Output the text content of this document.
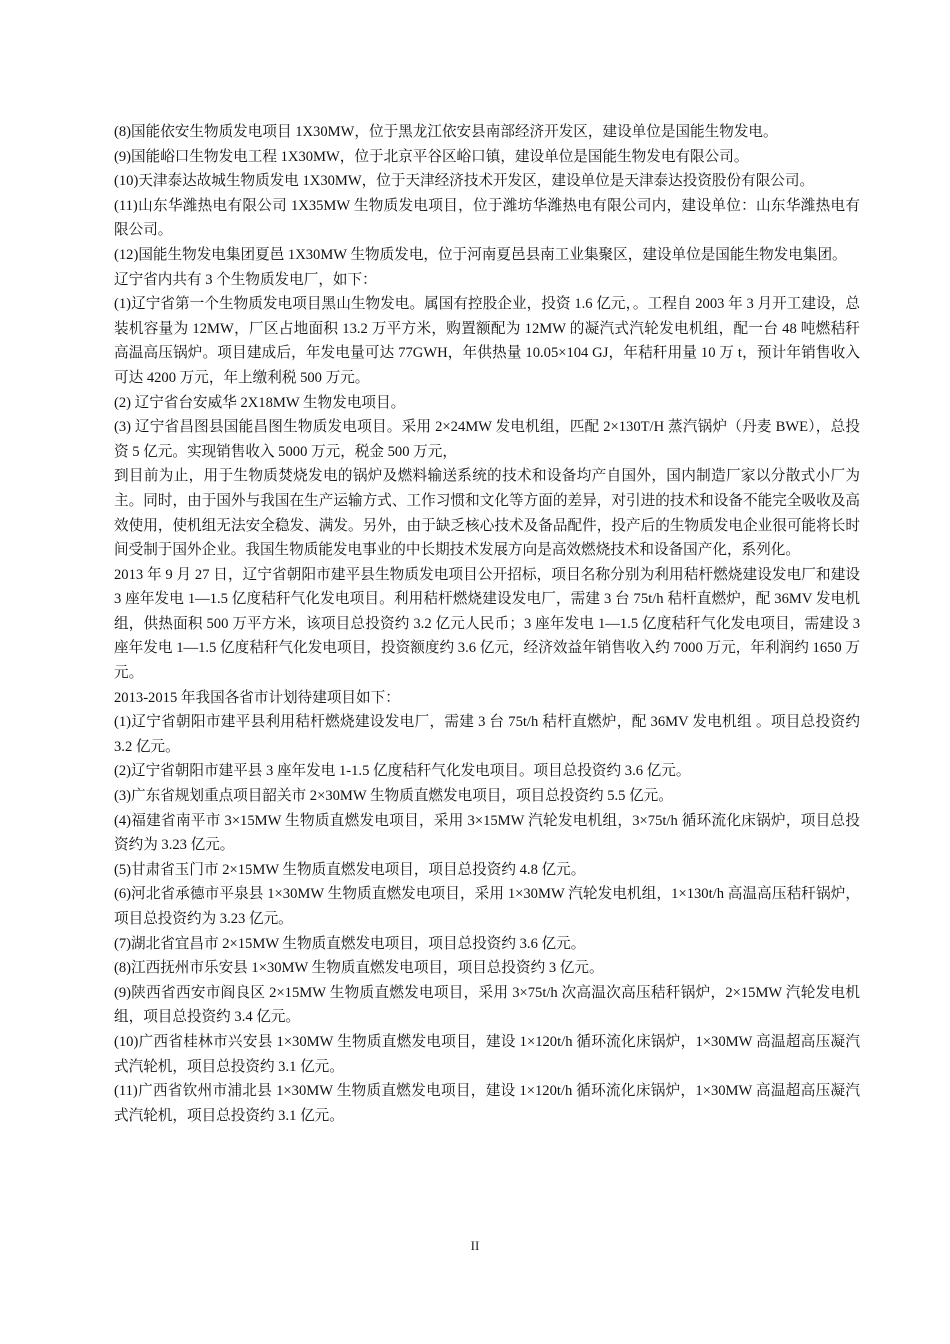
(8)国能依安生物质发电项目 1X30MW，位于黑龙江依安县南部经济开发区，建设单位是国能生物发电。

(9)国能峪口生物发电工程 1X30MW，位于北京平谷区峪口镇，建设单位是国能生物发电有限公司。

(10)天津泰达故城生物质发电 1X30MW，位于天津经济技术开发区，建设单位是天津泰达投资股份有限公司。

(11)山东华潍热电有限公司 1X35MW 生物质发电项目，位于潍坊华潍热电有限公司内，建设单位：山东华潍热电有限公司。

(12)国能生物发电集团夏邑 1X30MW 生物质发电，位于河南夏邑县南工业集聚区，建设单位是国能生物发电集团。

辽宁省内共有 3 个生物质发电厂，如下：

(1)辽宁省第一个生物质发电项目黑山生物发电。属国有控股企业，投资 1.6 亿元，。工程自 2003 年 3 月开工建设，总装机容量为 12MW，厂区占地面积 13.2 万平方米，购置额配为 12MW 的凝汽式汽轮发电机组，配一台 48 吨燃秸秆高温高压锅炉。项目建成后，年发电量可达 77GWH，年供热量 10.05×104 GJ，年秸秆用量 10 万 t，预计年销售收入可达 4200 万元，年上缴利税 500 万元。

(2) 辽宁省台安威华 2X18MW 生物发电项目。

(3) 辽宁省昌图县国能昌图生物质发电项目。采用 2×24MW 发电机组，匹配 2×130T/H 蒸汽锅炉（丹麦 BWE），总投资 5 亿元。实现销售收入 5000 万元，税金 500 万元，

到目前为止，用于生物质焚烧发电的锅炉及燃料输送系统的技术和设备均产自国外，国内制造厂家以分散式小厂为主。同时，由于国外与我国在生产运输方式、工作习惯和文化等方面的差异，对引进的技术和设备不能完全吸收及高效使用，使机组无法安全稳发、满发。另外，由于缺乏核心技术及备品配件，投产后的生物质发电企业很可能将长时间受制于国外企业。我国生物质能发电事业的中长期技术发展方向是高效燃烧技术和设备国产化，系列化。

2013 年 9 月 27 日，辽宁省朝阳市建平县生物质发电项目公开招标，项目名称分别为利用秸杆燃烧建设发电厂和建设 3 座年发电 1—1.5 亿度秸秆气化发电项目。利用秸杆燃烧建设发电厂，需建 3 台 75t/h 秸杆直燃炉，配 36MV 发电机组，供热面积 500 万平方米，该项目总投资约 3.2 亿元人民币；3 座年发电 1—1.5 亿度秸秆气化发电项目，需建设 3 座年发电 1—1.5 亿度秸秆气化发电项目，投资额度约 3.6 亿元，经济效益年销售收入约 7000 万元，年利润约 1650 万元。

2013-2015 年我国各省市计划待建项目如下：

(1)辽宁省朝阳市建平县利用秸杆燃烧建设发电厂，需建 3 台 75t/h 秸杆直燃炉，配 36MV 发电机组 。项目总投资约 3.2 亿元。

(2)辽宁省朝阳市建平县 3 座年发电 1-1.5 亿度秸秆气化发电项目。项目总投资约 3.6 亿元。

(3)广东省规划重点项目韶关市 2×30MW 生物质直燃发电项目，项目总投资约 5.5 亿元。

(4)福建省南平市 3×15MW 生物质直燃发电项目，采用 3×15MW 汽轮发电机组，3×75t/h 循环流化床锅炉，项目总投资约为 3.23 亿元。

(5)甘肃省玉门市 2×15MW 生物质直燃发电项目，项目总投资约 4.8 亿元。

(6)河北省承德市平泉县 1×30MW 生物质直燃发电项目，采用 1×30MW 汽轮发电机组，1×130t/h 高温高压秸秆锅炉，项目总投资约为 3.23 亿元。

(7)湖北省宜昌市 2×15MW 生物质直燃发电项目，项目总投资约 3.6 亿元。

(8)江西抚州市乐安县 1×30MW 生物质直燃发电项目，项目总投资约 3 亿元。

(9)陕西省西安市阎良区 2×15MW 生物质直燃发电项目，采用 3×75t/h 次高温次高压秸秆锅炉，2×15MW 汽轮发电机组，项目总投资约 3.4 亿元。

(10)广西省桂林市兴安县 1×30MW 生物质直燃发电项目，建设 1×120t/h 循环流化床锅炉，1×30MW 高温超高压凝汽式汽轮机，项目总投资约 3.1 亿元。

(11)广西省钦州市浦北县 1×30MW 生物质直燃发电项目，建设 1×120t/h 循环流化床锅炉，1×30MW 高温超高压凝汽式汽轮机，项目总投资约 3.1 亿元。

II
